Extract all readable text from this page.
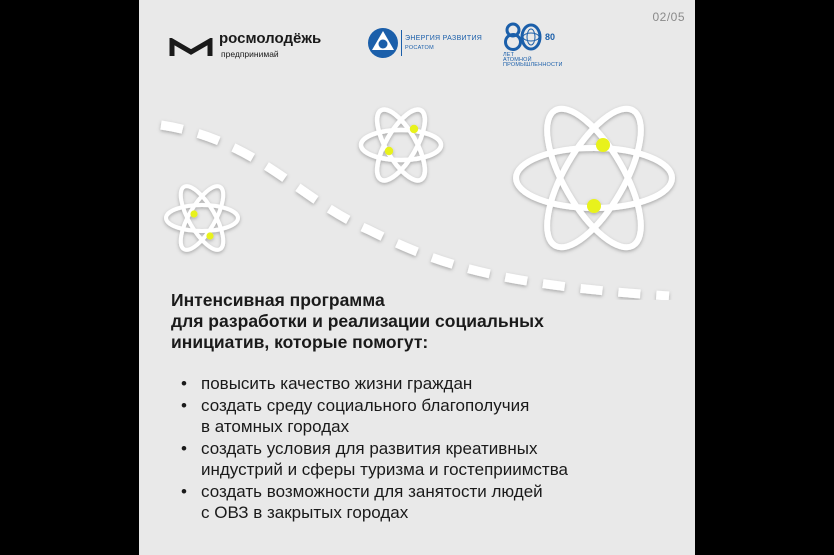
02/05
росмолодёжь
предпринимай
ЭНЕРГИЯ РАЗВИТИЯ
РОСАТОМ
ЛЕТ
АТОМНОЙ
ПРОМЫШЛЕННОСТИ
80
Интенсивная программа
для разработки и реализации социальных
инициатив, которые помогут:
• повысить качество жизни граждан
• создать среду социального благополучия
в атомных городах
• создать условия для развития креативных
индустрий и сферы туризма и гостеприимства
• создать возможности для занятости людей
с ОВЗ в закрытых городах
